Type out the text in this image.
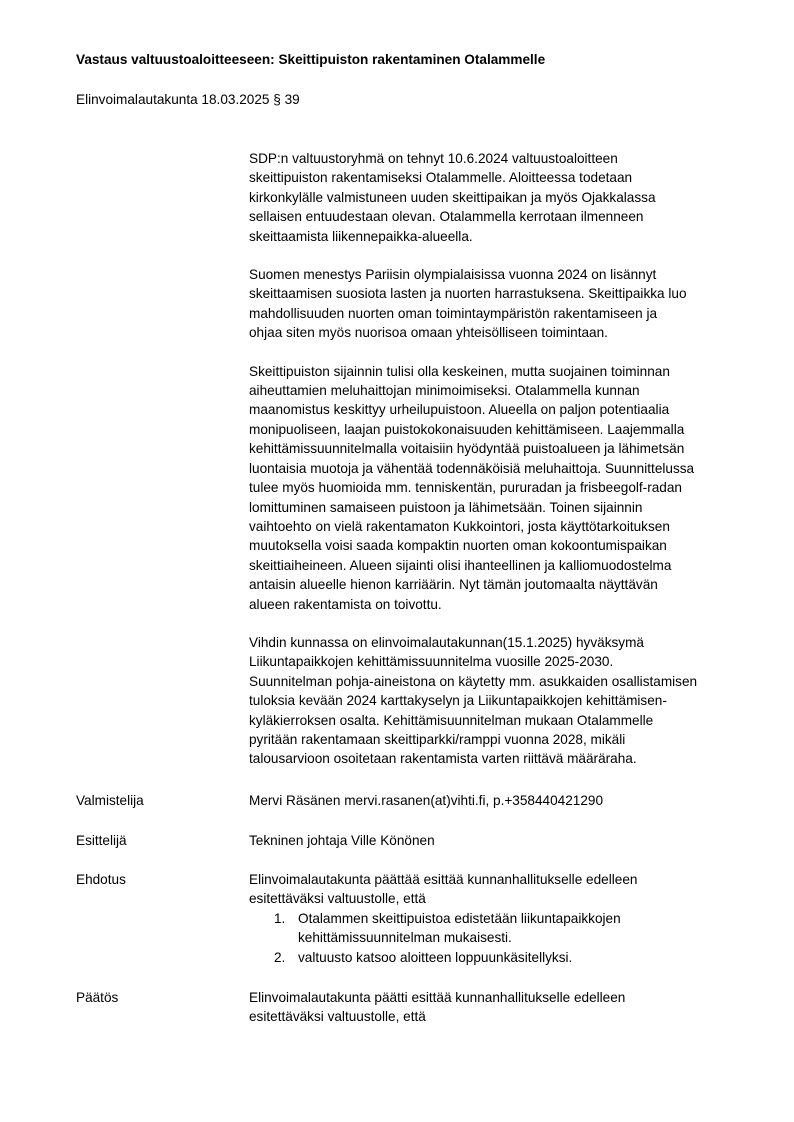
Vastaus valtuustoaloitteeseen: Skeittipuiston rakentaminen Otalammelle

Elinvoimalautakunta 18.03.2025 § 39

SDP:n valtuustoryhmä on tehnyt 10.6.2024 valtuustoaloitteen
skeittipuiston rakentamiseksi Otalammelle. Aloitteessa todetaan
kirkonkylälle valmistuneen uuden skeittipaikan ja myös Ojakkalassa
sellaisen entuudestaan olevan. Otalammella kerrotaan ilmenneen
skeittaamista liikennepaikka-alueella.

Suomen menestys Pariisin olympialaisissa vuonna 2024 on lisännyt
skeittaamisen suosiota lasten ja nuorten harrastuksena. Skeittipaikka luo
mahdollisuuden nuorten oman toimintaympäristön rakentamiseen ja
ohjaa siten myös nuorisoa omaan yhteisölliseen toimintaan.

Skeittipuiston sijainnin tulisi olla keskeinen, mutta suojainen toiminnan
aiheuttamien meluhaittojan minimoimiseksi. Otalammella kunnan
maanomistus keskittyy urheilupuistoon. Alueella on paljon potentiaalia
monipuoliseen, laajan puistokokonaisuuden kehittämiseen. Laajemmalla
kehittämissuunnitelmalla voitaisiin hyödyntää puistoalueen ja lähimetsän
luontaisia muotoja ja vähentää todennäköisiä meluhaittoja. Suunnittelussa
tulee myös huomioida mm. tenniskentän, pururadan ja frisbeegolf-radan
lomittuminen samaiseen puistoon ja lähimetsään. Toinen sijainnin
vaihtoehto on vielä rakentamaton Kukkointori, josta käyttötarkoituksen
muutoksella voisi saada kompaktin nuorten oman kokoontumispaikan
skeittiaiheineen. Alueen sijainti olisi ihanteellinen ja kalliomuodostelma
antaisin alueelle hienon karriäärin. Nyt tämän joutomaalta näyttävän
alueen rakentamista on toivottu.

Vihdin kunnassa on elinvoimalautakunnan(15.1.2025) hyväksymä
Liikuntapaikkojen kehittämissuunnitelma vuosille 2025-2030.
Suunnitelman pohja-aineistona on käytetty mm. asukkaiden osallistamisen
tuloksia kevään 2024 karttakyselyn ja Liikuntapaikkojen kehittämisen-
kyläkierroksen osalta. Kehittämisuunnitelman mukaan Otalammelle
pyritään rakentamaan skeittiparkki/ramppi vuonna 2028, mikäli
talousarvioon osoitetaan rakentamista varten riittävä määräraha.

Valmistelija	Mervi Räsänen mervi.rasanen(at)vihti.fi, p.+358440421290
Esittelijä	Tekninen johtaja Ville Könönen
Ehdotus	Elinvoimalautakunta päättää esittää kunnanhallitukselle edelleen
esitettäväksi valtuustolle, että
1. Otalammen skeittipuistoa edistetään liikuntapaikkojen
kehittämissuunnitelman mukaisesti.
2. valtuusto katsoo aloitteen loppuunkäsitellyksi.
Päätös	Elinvoimalautakunta päätti esittää kunnanhallitukselle edelleen
esitettäväksi valtuustolle, että
